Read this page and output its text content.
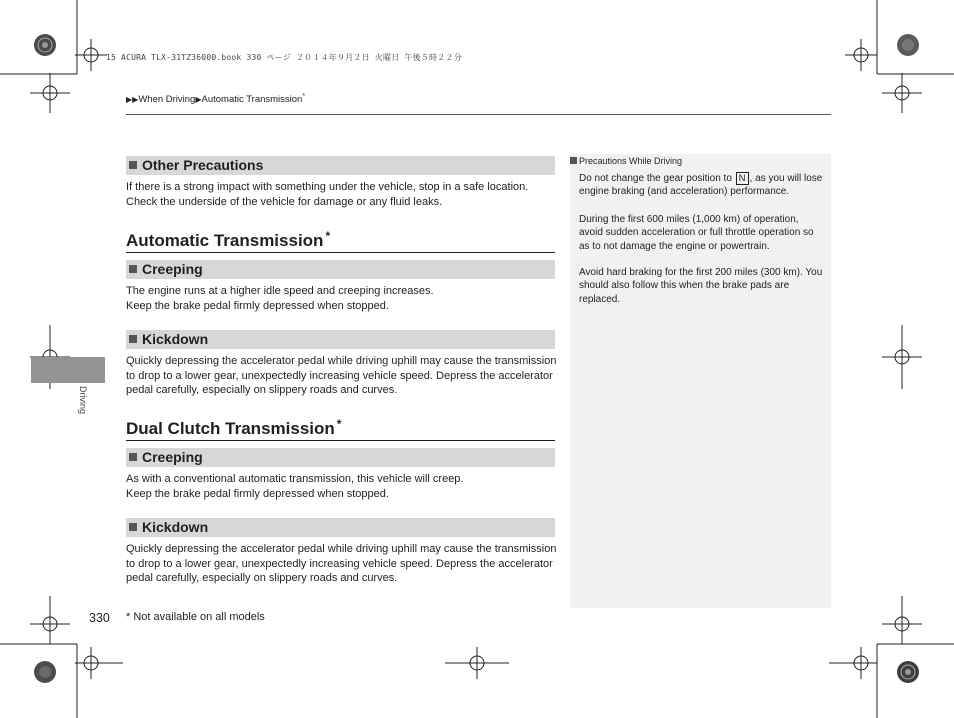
15 ACURA TLX-31TZ36000.book 330 ページ ２０１４年９月２日 火曜日 午後５時２２分
▶▶When Driving▶Automatic Transmission*
Other Precautions
If there is a strong impact with something under the vehicle, stop in a safe location. Check the underside of the vehicle for damage or any fluid leaks.
Automatic Transmission *
Creeping
The engine runs at a higher idle speed and creeping increases.
Keep the brake pedal firmly depressed when stopped.
Kickdown
Quickly depressing the accelerator pedal while driving uphill may cause the transmission to drop to a lower gear, unexpectedly increasing vehicle speed. Depress the accelerator pedal carefully, especially on slippery roads and curves.
Dual Clutch Transmission *
Creeping
As with a conventional automatic transmission, this vehicle will creep.
Keep the brake pedal firmly depressed when stopped.
Kickdown
Quickly depressing the accelerator pedal while driving uphill may cause the transmission to drop to a lower gear, unexpectedly increasing vehicle speed. Depress the accelerator pedal carefully, especially on slippery roads and curves.
Precautions While Driving
Do not change the gear position to N , as you will lose engine braking (and acceleration) performance.
During the first 600 miles (1,000 km) of operation, avoid sudden acceleration or full throttle operation so as to not damage the engine or powertrain.
Avoid hard braking for the first 200 miles (300 km). You should also follow this when the brake pads are replaced.
Driving
330 * Not available on all models
